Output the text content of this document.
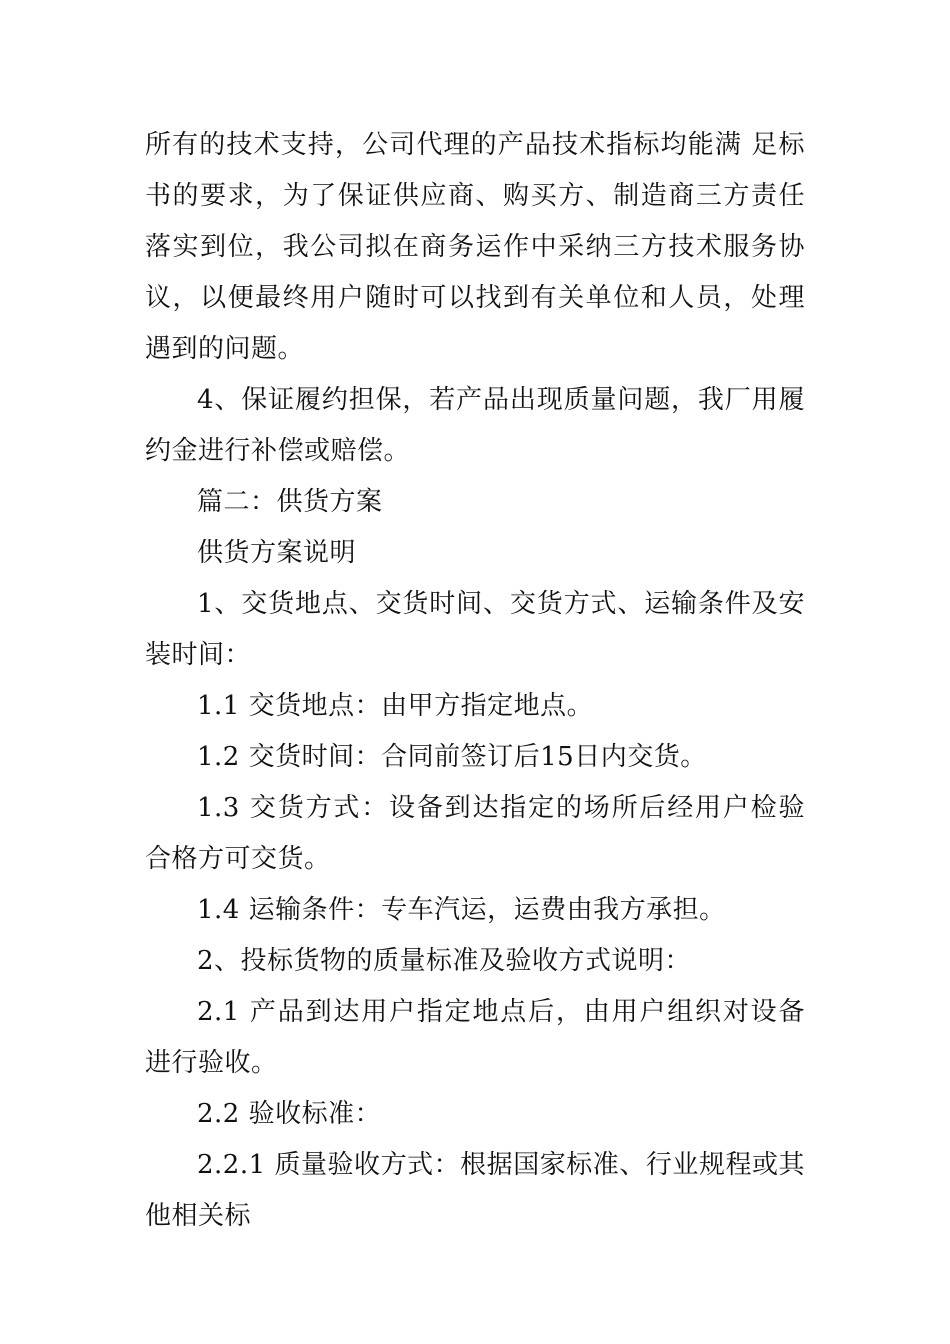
所有的技术支持，公司代理的产品技术指标均能满 足标书的要求，为了保证供应商、购买方、制造商三方责任落实到位，我公司拟在商务运作中采纳三方技术服务协议，以便最终用户随时可以找到有关单位和人员，处理遇到的问题。

4、保证履约担保，若产品出现质量问题，我厂用履约金进行补偿或赔偿。

篇二：供货方案

供货方案说明

1、交货地点、交货时间、交货方式、运输条件及安装时间：

1.1 交货地点：由甲方指定地点。

1.2 交货时间：合同前签订后15日内交货。

1.3 交货方式：设备到达指定的场所后经用户检验合格方可交货。

1.4 运输条件：专车汽运，运费由我方承担。

2、投标货物的质量标准及验收方式说明：

2.1 产品到达用户指定地点后，由用户组织对设备进行验收。

2.2 验收标准：

2.2.1 质量验收方式：根据国家标准、行业规程或其他相关标
